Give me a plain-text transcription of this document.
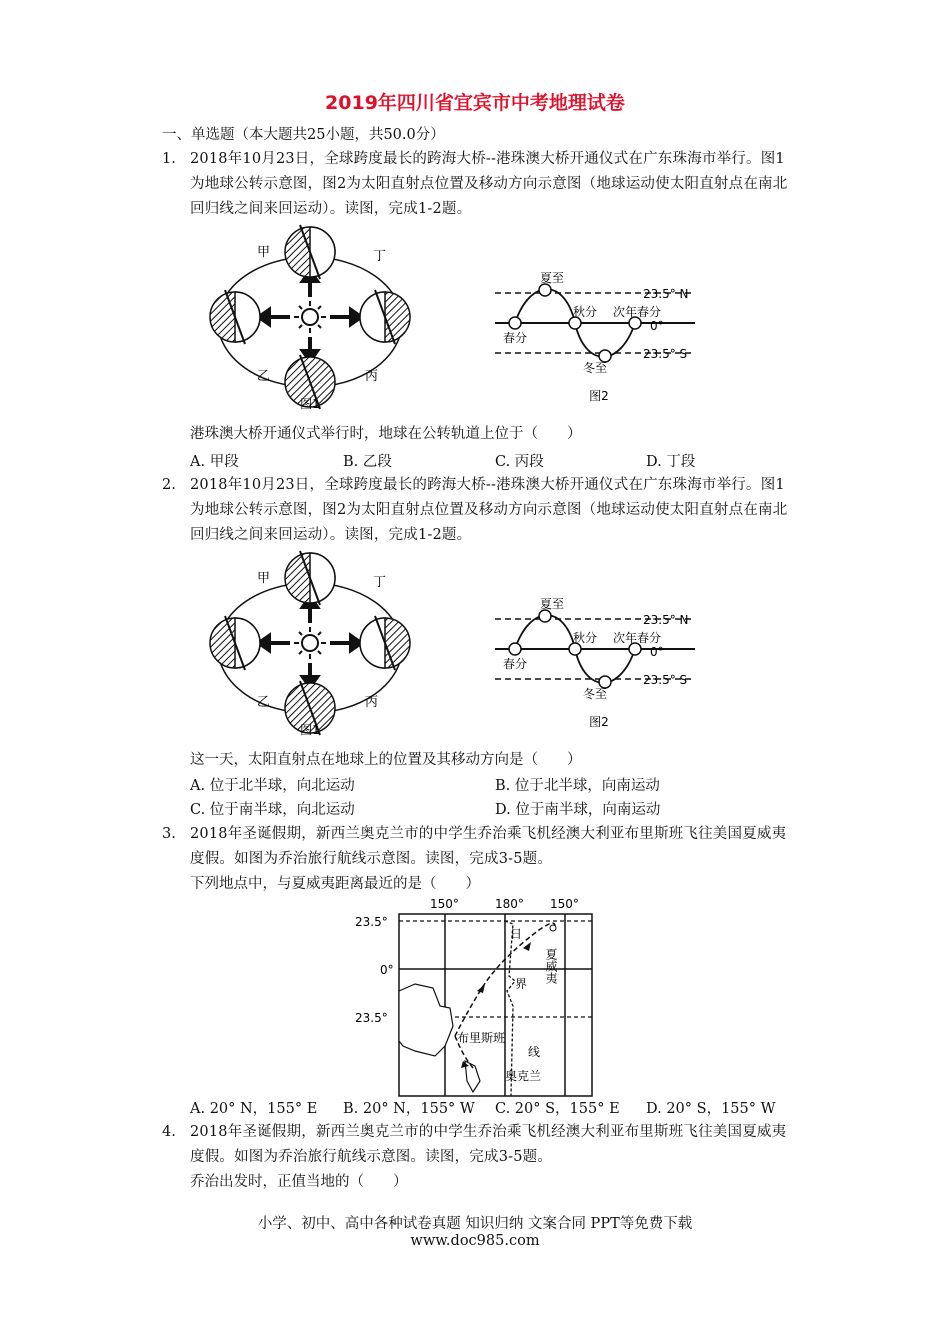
2019年四川省宜宾市中考地理试卷
一、单选题（本大题共25小题，共50.0分）
1. 2018年10月23日，全球跨度最长的跨海大桥--港珠澳大桥开通仪式在广东珠海市举行。图1为地球公转示意图，图2为太阳直射点位置及移动方向示意图（地球运动使太阳直射点在南北回归线之间来回运动）。读图，完成1-2题。
甲	丁
乙	丙
图1
夏至
23.5° N
秋分 次年春分
0°
春分
23.5° S
冬至
图2
港珠澳大桥开通仪式举行时，地球在公转轨道上位于（　　）
A. 甲段	B. 乙段	C. 丙段	D. 丁段
2. 2018年10月23日，全球跨度最长的跨海大桥--港珠澳大桥开通仪式在广东珠海市举行。图1为地球公转示意图，图2为太阳直射点位置及移动方向示意图（地球运动使太阳直射点在南北回归线之间来回运动）。读图，完成1-2题。
甲	丁
乙	丙
图1
夏至
23.5° N
秋分 次年春分
0°
春分
23.5° S
冬至
图2
这一天，太阳直射点在地球上的位置及其移动方向是（　　）
A. 位于北半球，向北运动	B. 位于北半球，向南运动
C. 位于南半球，向北运动	D. 位于南半球，向南运动
3. 2018年圣诞假期，新西兰奥克兰市的中学生乔治乘飞机经澳大利亚布里斯班飞往美国夏威夷度假。如图为乔治旅行航线示意图。读图，完成3-5题。
下列地点中，与夏威夷距离最近的是（　　）
150°	180° 150°
23.5°
0°
23.5°
日
界
线
夏威夷
布里斯班
奥克兰
A. 20° N，155° E B. 20° N，155° W C. 20° S，155° E D. 20° S，155° W
4. 2018年圣诞假期，新西兰奥克兰市的中学生乔治乘飞机经澳大利亚布里斯班飞往美国夏威夷度假。如图为乔治旅行航线示意图。读图，完成3-5题。
乔治出发时，正值当地的（　　）
小学、初中、高中各种试卷真题 知识归纳 文案合同 PPT等免费下载
www.doc985.com
